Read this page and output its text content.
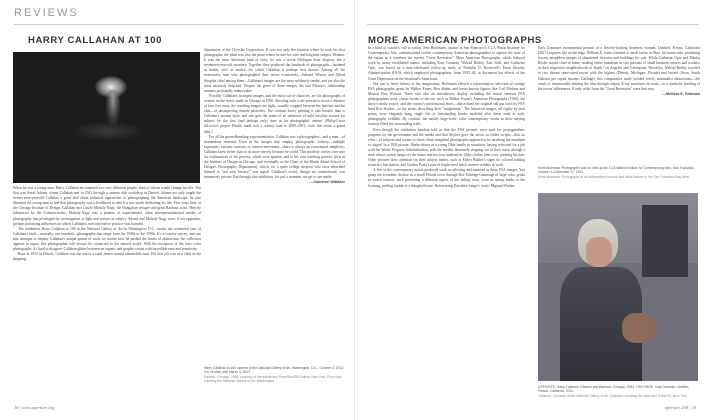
REVIEWS
HARRY CALLAHAN AT 100

When he was a young man, Harry Callahan encountered two very different people, both of whom would change his life. The first was Ansel Adams, whom Callahan met in 1941 through a camera club workshop in Detroit. Adams not only taught the twenty-nine-year-old Callahan a great deal about technical approaches to photographing the American landscape, he also liberated the young man to feel that photography was a livelihood to which it was worth dedicating his life. Five years later, at the Chicago Institute of Design, Callahan met László Moholy-Nagy, the Hungarian refugee and great Bauhaus artist. Heavily influenced by the Constructivists, Moholy-Nagy was a pioneer of experimental, often nonrepresentational modes of photography that privileged the investigation of light and texture as subject. Adams and Moholy-Nagy were, if not opposites, perhaps polarizing influences on which Callahan's own innovative practice was founded.

The exhibition Harry Callahan at 100 at the National Gallery of Art in Washington, D.C., marks the centennial year of Callahan's birth—naturally, one hundred—photographs that range from the 1940s to the 1990s. It's a concise survey, and one that attempts to display Callahan's unique gamut of work: no matter how he pushed the limits of abstraction, the collection appears to argue, this photographer will always be connected to the natural world. With the exception of the later color photographs, it's hard to disagree: Callahan glides between an organic and graphic vision with incredible ease and sensitivity.

Born in 1912 in Detroit, Callahan was the son of a rural farmer turned automobile man. His first job was as a clerk in the shipping

department at the Chrysler Corporation. It was not only the location where he took his first photographs, the plant was also the place where he met his wife and longtime subject, Eleanor. It was the most American kind of story; he was a recent Michigan State dropout, she a seventeen-year-old secretary. Together they produced the hundreds of photographs—husband as maker, wife as model—for which Callahan is perhaps best known. Among all the noteworthy men who photographed their wives extensively—Edward Weston and Alfred Stieglitz chief among them—Callahan's images are the most sublimely tender, and yet also the most curiously detached. Despite the grace of those images, his and Eleanor's relationship remains profoundly unknowable.

Possibly Callahan's strangest images, and the most out-of-character, are his photographs of women on the street, made in Chicago in 1950. Shooting with a tele proxim to focus a distance of four feet away, the resulting images are tight—usually cropped between the hairline and the chin—of unsuspecting female passersby. The contrast heavy printing is also harsher than is Callahan's normal style, and one gets the sense of an unknown of mild hostility toward his subject for the first (and perhaps only) time in his photographic oeuvre. (Philip-Lorca diCorcia's project Heads, made half a century later in 2000–2001, owes this series a grand debt.)

For all his groundbreaking experimentation, Callahan was a photographer—and a man—of tremendous restraint. Even in his images that employ photographic trickery—multiple exposures, extreme contrast, or camera movement—there is always an economical simplicity; Callahan knew better than to do more merely because he could. This modesty carries over into his explanations of his process, which were spartan, and to his own teaching practice (first at the Institute of Design in Chicago, and eventually as the Chair of the Rhode Island School of Design's Photography Department), which, for a quiet college dropout who once described himself as "not very literary," was signal. Callahan's world, though not unemotional, was immensely private. But through this exhibition, for just a moment, we get to see inside.

—Cameron Wittaker
Harry Callahan at 100 opened at the National Gallery of Art, Washington, D.C., October 2, 2012; it is on view until March 4, 2013.
Eleanor, Chicago, 1948; courtesy of the estate and Pace/MacGill Gallery, New York. Plus copy courtesy the National Gallery of Art, Washington.
18 | www.aperture.org
MORE AMERICAN PHOTOGRAPHS

In a kind of curator's call to action, Jens Hoffmann, curator at San Francisco's CCA Wattis Institute for Contemporary Arts, commissioned twelve contemporary American photographers to capture the state of the nation as it weathers the current "Great Recession." More American Photographs, which featured work by many established names, including Katy Grannan, Walead Beshty, Alec Soth, and Catherine Opie, was based on a now-celebrated follow-up study of Franklin D. Roosevelt's Farm Security Administration (FSA), which employed photographers, from 1935–44, to document the effects of the Great Depression on the heartland's Americans.

Not one to leave history to the imagination, Hoffmann offered a representative selection of vintage FSA photographs, gems by Walker Evans, Ben Shahn, and lesser-known figures like Carl Mydans and Marion Post Wolcott. There was also an introductory display including the actual cameras FSA photographers used, classic books of the era, such as Walker Evans's American Photographs (1938), the show's titular source, and the curator's motivational letter—that echoed the original call put forth by FSA head Roy Stryker—to the artists describing their "assignment." The historical images, all eighty-by-inch prints, were elegantly hung single file in freestanding kiosks modeled after those used in early photography exhibits. By contrast, the mostly large-scale, color contemporary works in their varying formats filled the surrounding walls.

Even though the exhibition handout told us that the FSA pictures were used for propagandistic purposes by the government and the media and that Stryker gave the artists so-called scripts—shot on view—of subjects and scenes to shoot, these insightful photographs appeared to be anything but mundane or staged. In a 1936 picture, Shahn shows us a young Ohio family in transition, having relocated for a job with the Works Progress Administration, with the mother desolately stepping out of their stack through a door whose screen hangs off the frame and her torn husband in filthy clothes bent over, washing his hair. Other pictures draw attention for their subject matter, such as Esther Bubley's signs for colored waiting room at a bus station, and Gordon Parks's pair of bright-eyed black women welders at work.

A few of the contemporary artists produced work as affecting and nuanced as these FSA images. You grasp the economic decline in a small Florida town through Roe Ethridge's montage of large color prints in varied formats, each presenting a different aspect of the failing town, from its sleepy banks to the looming, peeling facade of a shingled house. Referencing Dorothea Lange's iconic Migrant Mother,

Katy Grannan's monumental portrait of a fiercely-looking homeless woman, Untitled, Fresno, California (2011) captures life on the edge. William E. Jones returned to small towns in Ohio, his home state, producing frozen, peopleless images of abandoned factories and buildings for sale. While Catherine Opie and Martha Rosler stayed close to home, making rather humdrum in situ portraits of small business owners and workers in their respective neighborhoods of South Los Angeles and Greenpoint, Brooklyn, Walead Beshty traveled to two distant same-sized towns with the highest (Detroit, Michigan, Florida) and lowest (Avon, South Dakota) per capita income. Gaffingly, this comparative study yielded lovely, minimalist abstractions—the result of intentionally sending the film through airport X-ray machines en route—in a symbolic leveling of the towns' differences. If only relief from the "Great Recession" were that easy.

—Melissa E. Feldman
More American Photographs was on view at the CCA Wattis Institute for Contemporary Arts, San Francisco, October 4–December 17, 2011.
More American Photographs is an independent curator and artist feature in the San Francisco Bay Area.
OPPOSITE: Harry Callahan, Eleanor and Barbara, Chicago, 1953. THIS PAGE: Katy Grannan, Untitled, Fresno, California, 2011.
Callahan: Courtesy of the National Gallery of Art; Grannan: courtesy the artist and Salon 94, New York.
aperture 208 | 19
